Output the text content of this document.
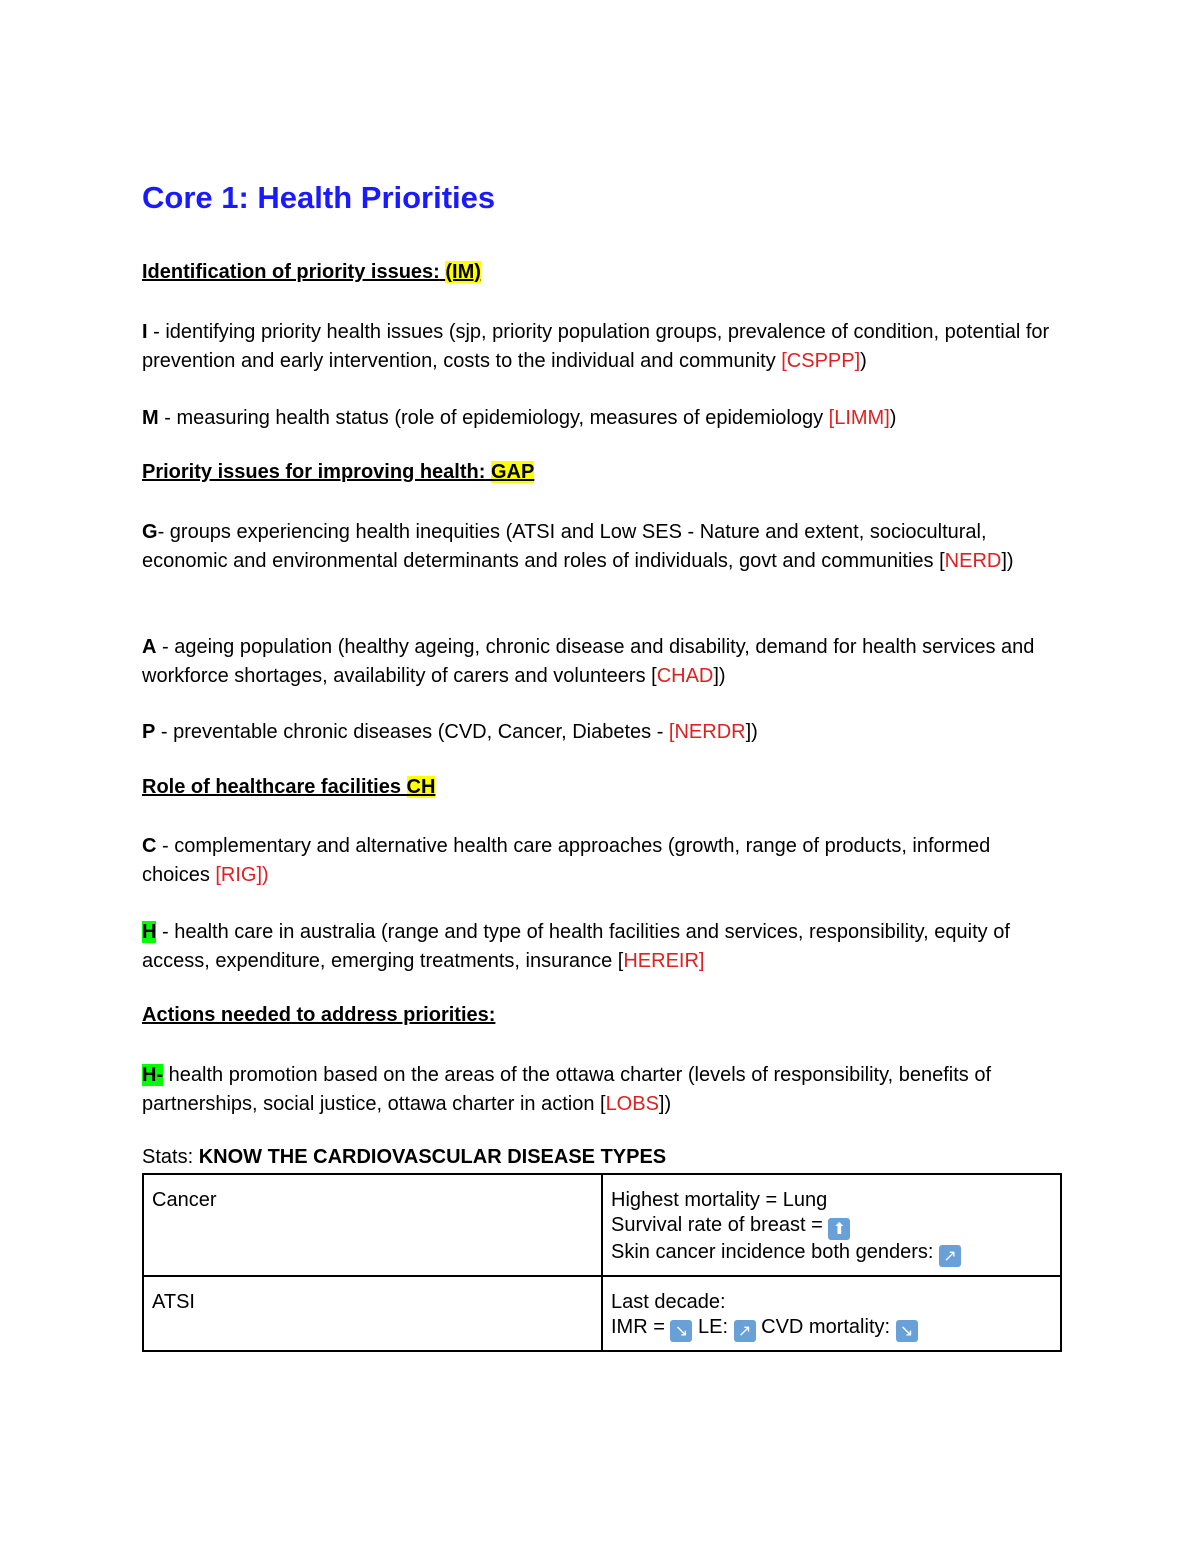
Core 1: Health Priorities
Identification of priority issues: (IM)
I - identifying priority health issues (sjp, priority population groups, prevalence of condition, potential for prevention and early intervention, costs to the individual and community [CSPPP])
M - measuring health status (role of epidemiology, measures of epidemiology [LIMM])
Priority issues for improving health: GAP
G- groups experiencing health inequities (ATSI and Low SES - Nature and extent, sociocultural, economic and environmental determinants and roles of individuals, govt and communities [NERD])
A - ageing population (healthy ageing, chronic disease and disability, demand for health services and workforce shortages, availability of carers and volunteers [CHAD])
P - preventable chronic diseases (CVD, Cancer, Diabetes - [NERDR])
Role of healthcare facilities CH
C - complementary and alternative health care approaches (growth, range of products, informed choices [RIG])
H - health care in australia (range and type of health facilities and services, responsibility, equity of access, expenditure, emerging treatments, insurance [HEREIR]
Actions needed to address priorities:
H- health promotion based on the areas of the ottawa charter (levels of responsibility, benefits of partnerships, social justice, ottawa charter in action [LOBS])
Stats: KNOW THE CARDIOVASCULAR DISEASE TYPES
Cancer	Highest mortality = Lung
Survival rate of breast = ⬆
Skin cancer incidence both genders: ↗

ATSI	Last decade:
IMR = ↘ LE: ↗ CVD mortality: ↘
